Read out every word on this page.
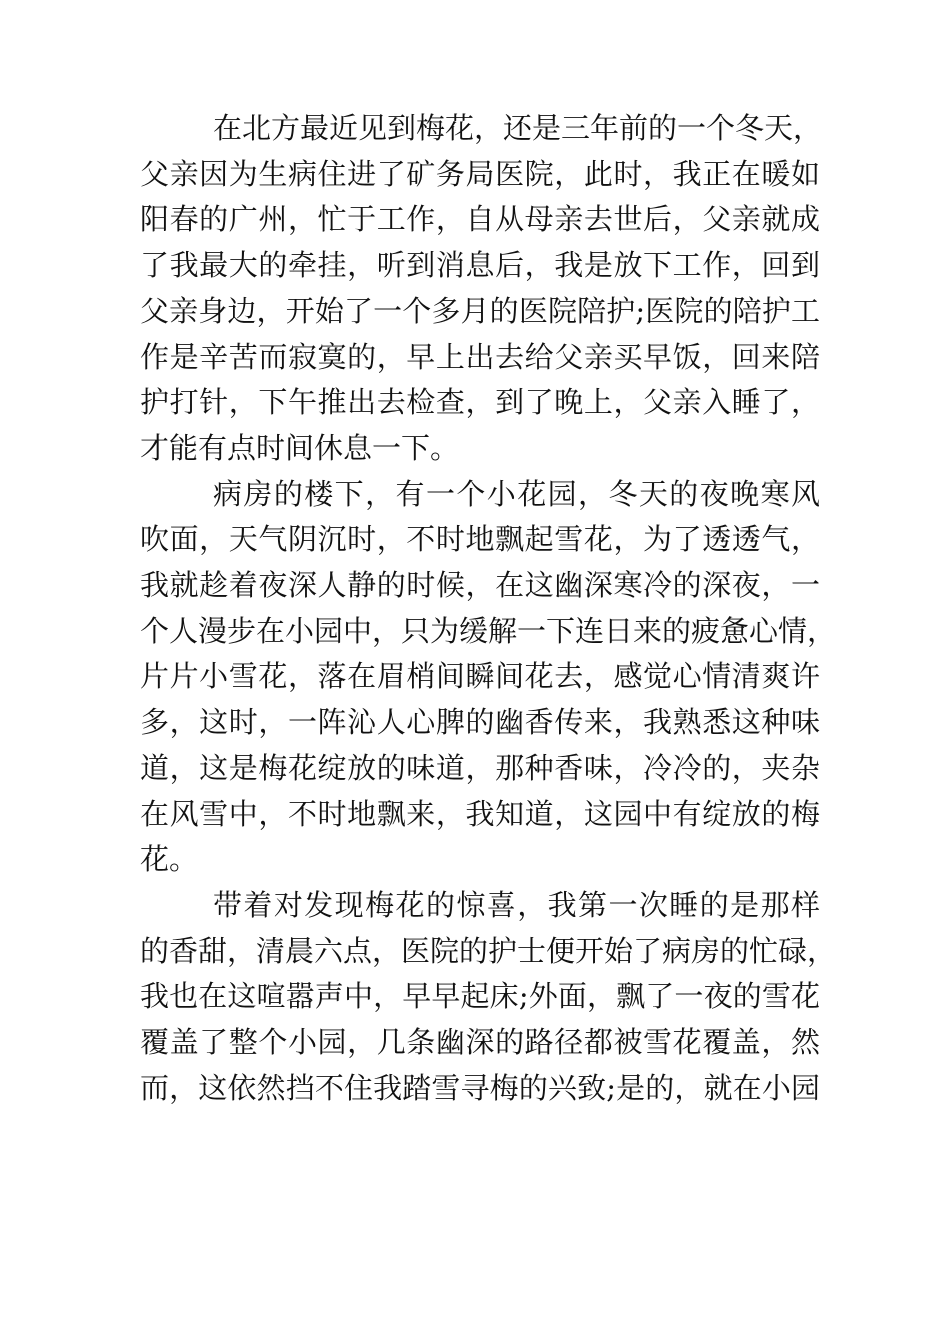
在北方最近见到梅花，还是三年前的一个冬天，
父亲因为生病住进了矿务局医院，此时，我正在暖如
阳春的广州，忙于工作，自从母亲去世后，父亲就成
了我最大的牵挂，听到消息后，我是放下工作，回到
父亲身边，开始了一个多月的医院陪护;医院的陪护工
作是辛苦而寂寞的，早上出去给父亲买早饭，回来陪
护打针，下午推出去检查，到了晚上，父亲入睡了，
才能有点时间休息一下。
病房的楼下，有一个小花园，冬天的夜晚寒风
吹面，天气阴沉时，不时地飘起雪花，为了透透气，
我就趁着夜深人静的时候，在这幽深寒冷的深夜，一
个人漫步在小园中，只为缓解一下连日来的疲惫心情，
片片小雪花，落在眉梢间瞬间花去，感觉心情清爽许
多，这时，一阵沁人心脾的幽香传来，我熟悉这种味
道，这是梅花绽放的味道，那种香味，冷冷的，夹杂
在风雪中，不时地飘来，我知道，这园中有绽放的梅
花。
带着对发现梅花的惊喜，我第一次睡的是那样
的香甜，清晨六点，医院的护士便开始了病房的忙碌，
我也在这喧嚣声中，早早起床;外面，飘了一夜的雪花
覆盖了整个小园，几条幽深的路径都被雪花覆盖，然
而，这依然挡不住我踏雪寻梅的兴致;是的，就在小园
